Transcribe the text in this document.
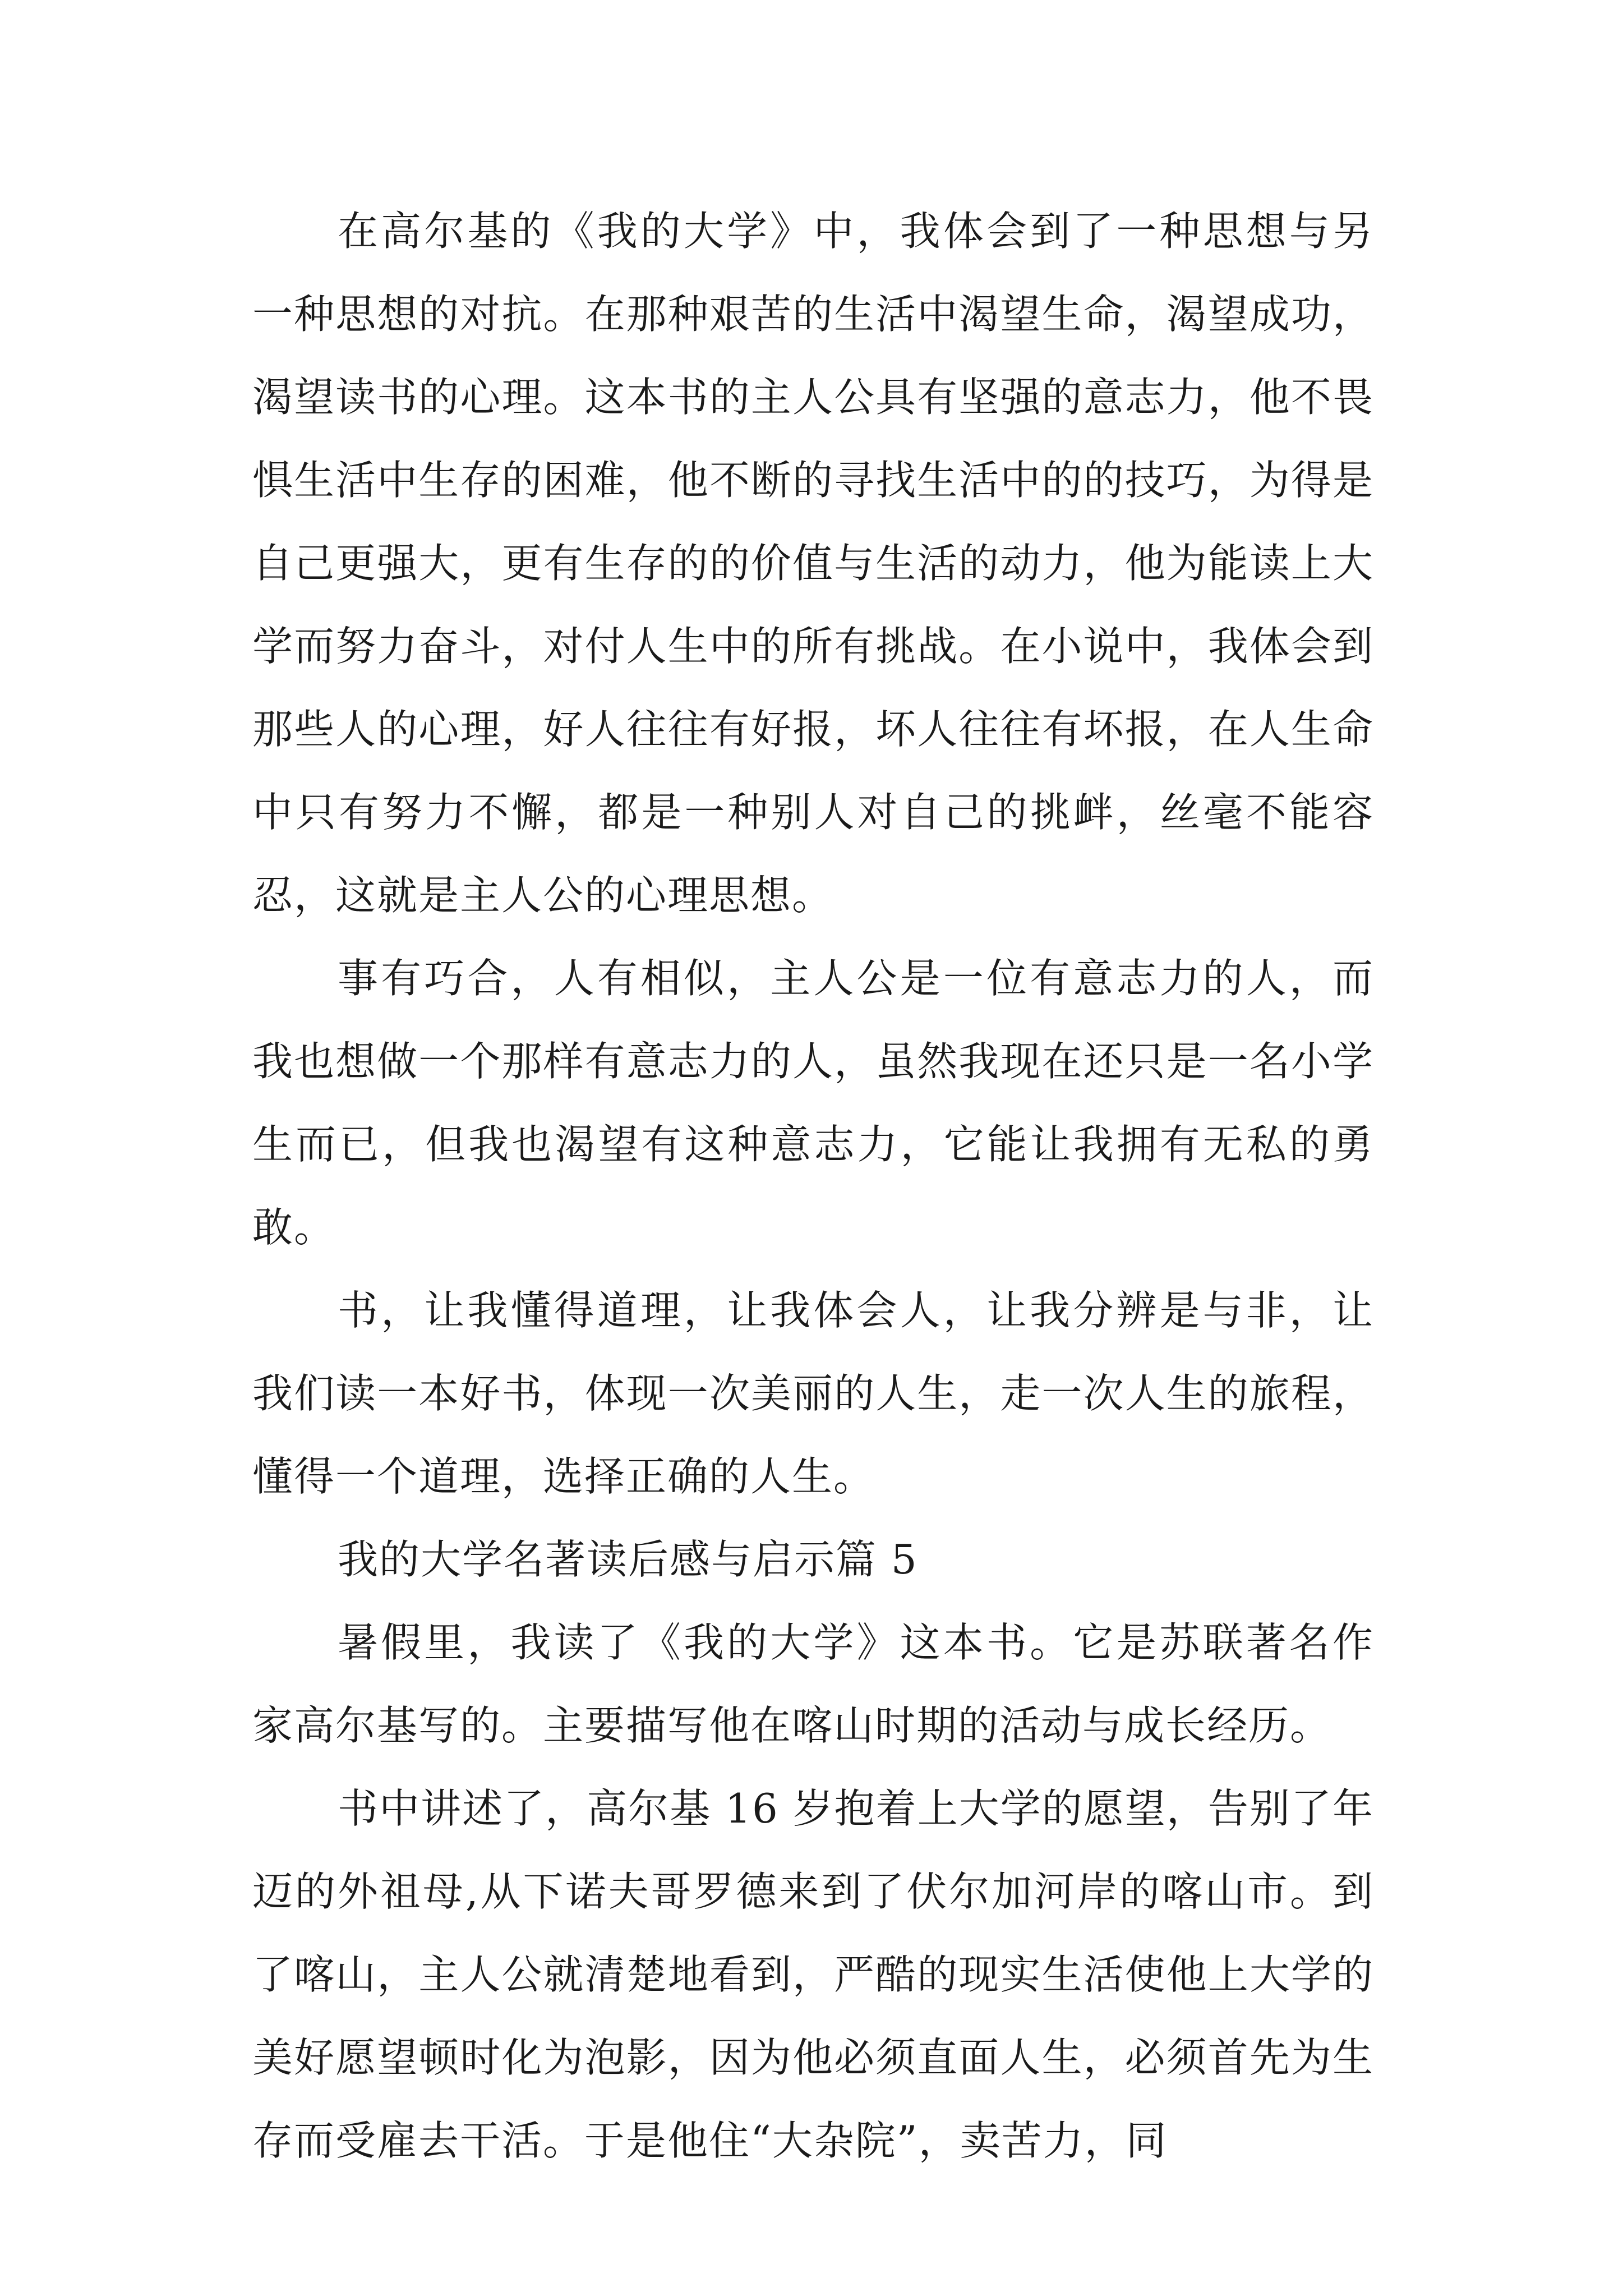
在高尔基的《我的大学》中，我体会到了一种思想与另一种思想的对抗。在那种艰苦的生活中渴望生命，渴望成功，渴望读书的心理。这本书的主人公具有坚强的意志力，他不畏惧生活中生存的困难，他不断的寻找生活中的的技巧，为得是自己更强大，更有生存的的价值与生活的动力，他为能读上大学而努力奋斗，对付人生中的所有挑战。在小说中，我体会到那些人的心理，好人往往有好报，坏人往往有坏报，在人生命中只有努力不懈，都是一种别人对自己的挑衅，丝毫不能容忍，这就是主人公的心理思想。

事有巧合，人有相似，主人公是一位有意志力的人，而我也想做一个那样有意志力的人，虽然我现在还只是一名小学生而已，但我也渴望有这种意志力，它能让我拥有无私的勇敢。

书，让我懂得道理，让我体会人，让我分辨是与非，让我们读一本好书，体现一次美丽的人生，走一次人生的旅程，懂得一个道理，选择正确的人生。

我的大学名著读后感与启示篇 5

暑假里，我读了《我的大学》这本书。它是苏联著名作家高尔基写的。主要描写他在喀山时期的活动与成长经历。

书中讲述了，高尔基 16 岁抱着上大学的愿望，告别了年迈的外祖母,从下诺夫哥罗德来到了伏尔加河岸的喀山市。到了喀山，主人公就清楚地看到，严酷的现实生活使他上大学的美好愿望顿时化为泡影，因为他必须直面人生，必须首先为生存而受雇去干活。于是他住“大杂院”，卖苦力，同
